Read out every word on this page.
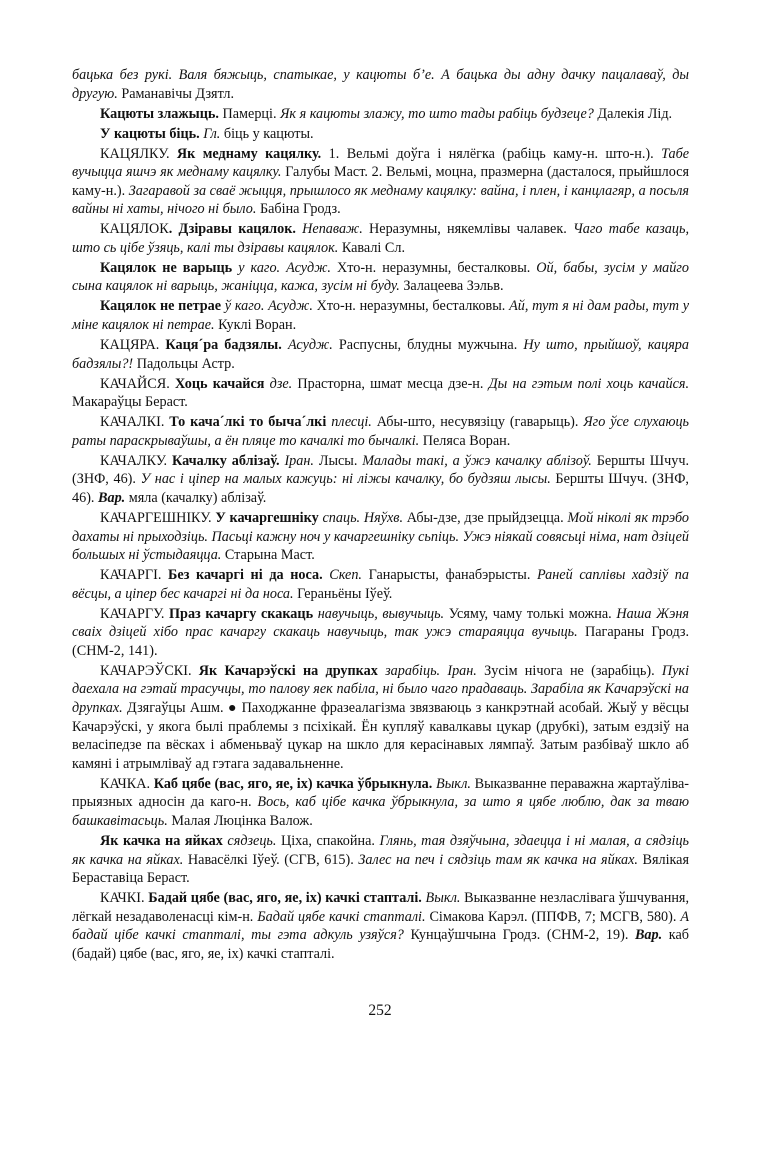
бацька без рукі. Валя бяжыць, спатыкае, у кацюты б’е. А бацька ды адну дачку пацалаваў, ды другую. Раманавічы Дзятл.

Кацюты злажыць. Памерці. Як я кацюты злажу, то што тады рабіць будзеце? Далекія Лід.

У кацюты біць. Гл. біць у кацюты.

КАЦЯЛКУ. Як меднаму кацялку. 1. Вельмі доўга і нялёгка (рабіць каму-н. што-н.). Табе вучыцца яшчэ як меднаму кацялку. Галубы Маст. 2. Вельмі, моцна, празмерна (дасталося, прыйшлося каму-н.). Загаравой за сваё жыцця, прышлосо як меднаму кацялку: вайна, і плен, і канцлагяр, а посьля вайны ні хаты, нічого ні было. Бабіна Гродз.

КАЦЯЛОК. Дзіравы кацялок. Непаваж. Неразумны, някемлівы чалавек. Чаго табе казаць, што сь цібе ўзяць, калі ты дзіравы кацялок. Кавалі Сл.

Кацялок не варыць у каго. Асудж. Хто-н. неразумны, бесталковы. Ой, бабы, зусім у майго сына кацялок ні варыць, жаніцца, кажа, зусім ні буду. Залацеева Зэльв.

Кацялок не петрае ў каго. Асудж. Хто-н. неразумны, бесталковы. Ай, тут я ні дам рады, тут у міне кацялок ні петрае. Куклі Воран.

КАЦЯРА. Каця´ра бадзялы. Асудж. Распусны, блудны мужчына. Ну што, прыйшоў, кацяра бадзялы?! Падольцы Астр.

КАЧАЙСЯ. Хоць качайся дзе. Прасторна, шмат месца дзе-н. Ды на гэтым полі хоць качайся. Макараўцы Бераст.

КАЧАЛКІ. То кача´лкі то быча´лкі плесці. Абы-што, несувязіцу (гаварыць). Яго ўсе слухаюць раты параскрываўшы, а ён пляце то качалкі то бычалкі. Пеляса Воран.

КАЧАЛКУ. Качалку аблізаў. Іран. Лысы. Малады такі, а ўжэ качалку аблізоў. Бершты Шчуч. (ЗНФ, 46). У нас і ціпер на малых кажуць: ні ліжы качалку, бо будзяш лысы. Бершты Шчуч. (ЗНФ, 46). Вар. мяла (качалку) аблізаў.

КАЧАРГЕШНІКУ. У качаргешніку спаць. Няўхв. Абы-дзе, дзе прыйдзецца. Мой ніколі як трэбо дахаты ні прыходзіць. Пасьці кажну ноч у качаргешніку сьпіць. Ужэ ніякай совясьці німа, нат дзіцей большых ні ўстыдаяцца. Старына Маст.

КАЧАРГІ. Без качаргі ні да носа. Скеп. Ганарысты, фанабэрысты. Раней саплівы хадзіў па вёсцы, а ціпер бес качаргі ні да носа. Гераньёны Іўеў.

КАЧАРГУ. Праз качаргу скакаць навучыць, вывучыць. Усяму, чаму толькі можна. Наша Жэня сваіх дзіцей хібо прас качаргу скакаць навучыць, так ужэ стараяцца вучыць. Пагараны Гродз. (СНМ-2, 141).

КАЧАРЭЎСКІ. Як Качарэўскі на друпках зарабіць. Іран. Зусім нічога не (зарабіць). Пукі даехала на гэтай трасучцы, то палову яек пабіла, ні было чаго прадаваць. Зарабіла як Качарэўскі на друпках. Дзягаўцы Ашм. ● Паходжанне фразеалагізма звязваюць з канкрэтнай асобай. Жыў у вёсцы Качарэўскі, у якога былі праблемы з псіхікай. Ён купляў кавалкавы цукар (друбкі), затым ездзіў на веласіпедзе па вёсках і абменьваў цукар на шкло для керасінавых лямпаў. Затым разбіваў шкло аб камяні і атрымліваў ад гэтага задавальненне.

КАЧКА. Каб цябе (вас, яго, яе, іх) качка ўбрыкнула. Выкл. Выказванне пераважна жартаўліва-прыязных адносін да каго-н. Вось, каб цібе качка ўбрыкнула, за што я цябе люблю, дак за тваю башкавітасьць. Малая Люцінка Валож.

Як качка на яйках сядзець. Ціха, спакойна. Глянь, тая дзяўчына, здаецца і ні малая, а сядзіць як качка на яйках. Навасёлкі Іўеў. (СГВ, 615). Залес на печ і сядзіць там як качка на яйках. Вялікая Бераставіца Бераст.

КАЧКІ. Бадай цябе (вас, яго, яе, іх) качкі стапталі. Выкл. Выказванне незласлівага ўшчування, лёгкай незадаволенасці кім-н. Бадай цябе качкі стапталі. Сімакова Карэл. (ППФВ, 7; МСГВ, 580). А бадай цібе качкі стапталі, ты гэта адкуль узяўся? Кунцаўшчына Гродз. (СНМ-2, 19). Вар. каб (бадай) цябе (вас, яго, яе, іх) качкі стапталі.

252
